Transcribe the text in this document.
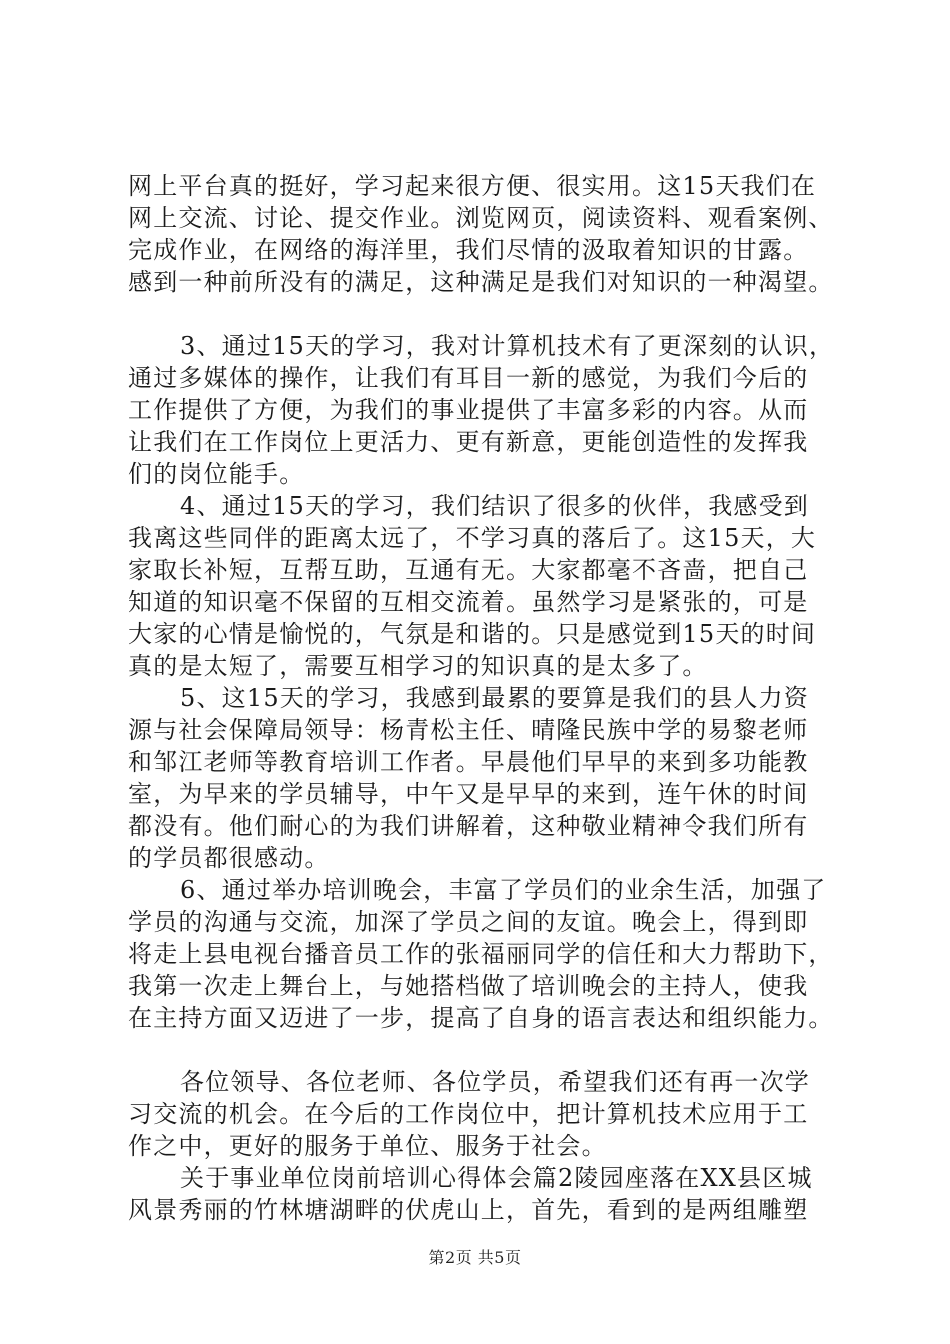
网上平台真的挺好，学习起来很方便、很实用。这15天我们在
网上交流、讨论、提交作业。浏览网页，阅读资料、观看案例、
完成作业，在网络的海洋里，我们尽情的汲取着知识的甘露。
感到一种前所没有的满足，这种满足是我们对知识的一种渴望。
3、通过15天的学习，我对计算机技术有了更深刻的认识，
通过多媒体的操作，让我们有耳目一新的感觉，为我们今后的
工作提供了方便，为我们的事业提供了丰富多彩的内容。从而
让我们在工作岗位上更活力、更有新意，更能创造性的发挥我
们的岗位能手。
4、通过15天的学习，我们结识了很多的伙伴，我感受到
我离这些同伴的距离太远了，不学习真的落后了。这15天，大
家取长补短，互帮互助，互通有无。大家都毫不吝啬，把自己
知道的知识毫不保留的互相交流着。虽然学习是紧张的，可是
大家的心情是愉悦的，气氛是和谐的。只是感觉到15天的时间
真的是太短了，需要互相学习的知识真的是太多了。
5、这15天的学习，我感到最累的要算是我们的县人力资
源与社会保障局领导：杨青松主任、晴隆民族中学的易黎老师
和邹江老师等教育培训工作者。早晨他们早早的来到多功能教
室，为早来的学员辅导，中午又是早早的来到，连午休的时间
都没有。他们耐心的为我们讲解着，这种敬业精神令我们所有
的学员都很感动。
6、通过举办培训晚会，丰富了学员们的业余生活，加强了
学员的沟通与交流，加深了学员之间的友谊。晚会上，得到即
将走上县电视台播音员工作的张福丽同学的信任和大力帮助下，
我第一次走上舞台上，与她搭档做了培训晚会的主持人，使我
在主持方面又迈进了一步，提高了自身的语言表达和组织能力。
各位领导、各位老师、各位学员，希望我们还有再一次学
习交流的机会。在今后的工作岗位中，把计算机技术应用于工
作之中，更好的服务于单位、服务于社会。
关于事业单位岗前培训心得体会篇2陵园座落在XX县区城
风景秀丽的竹林塘湖畔的伏虎山上，首先，看到的是两组雕塑
第2页 共5页
